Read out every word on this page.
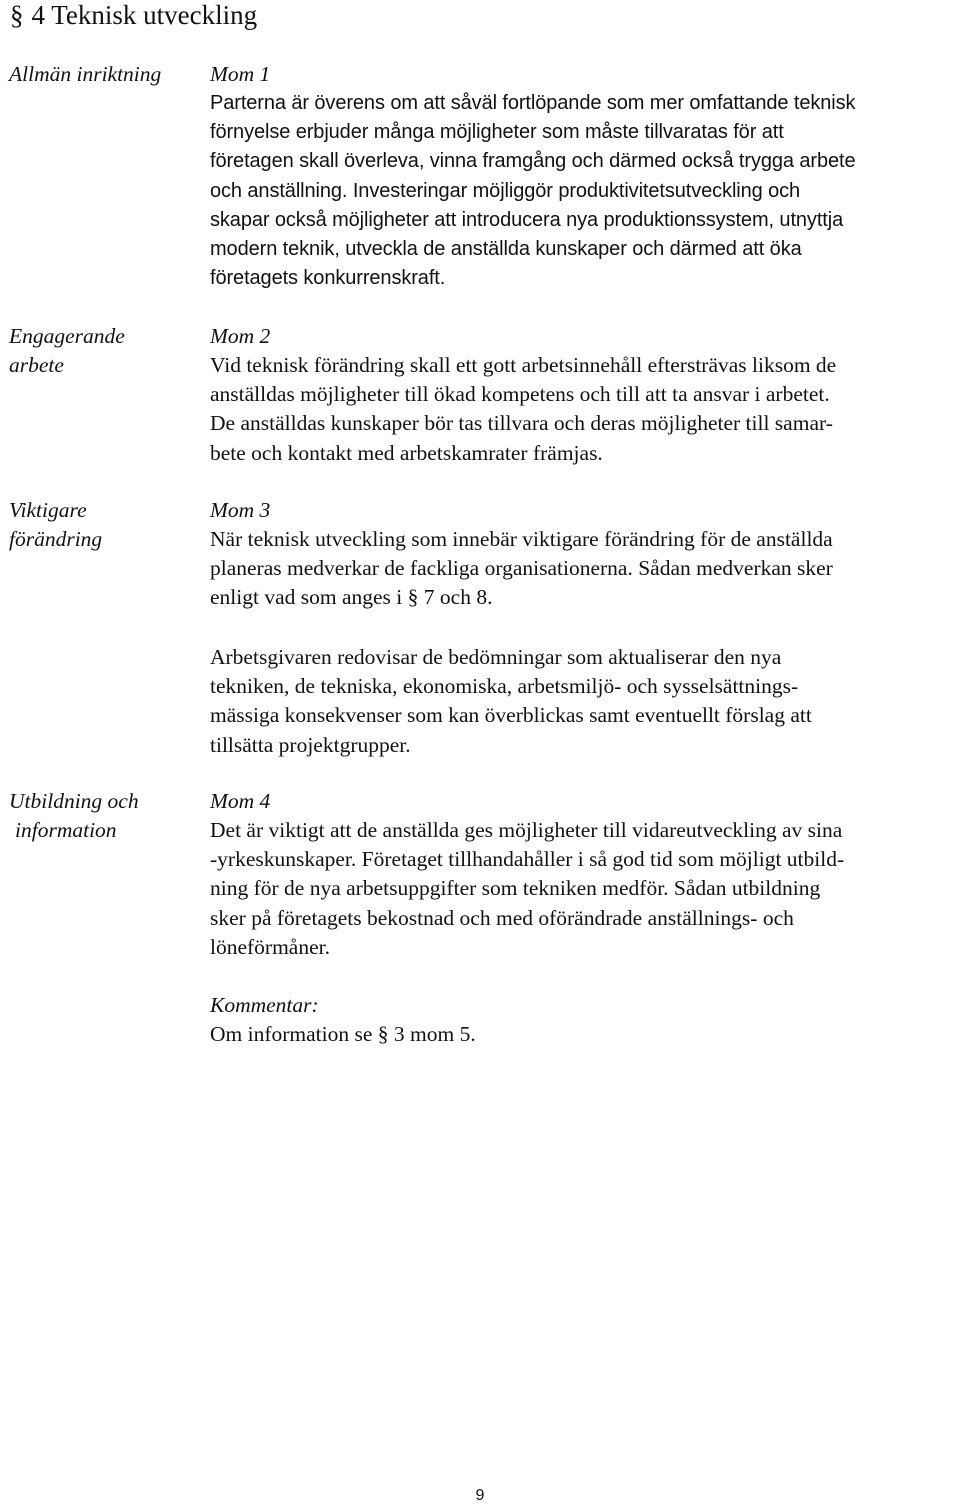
§ 4 Teknisk utveckling
Allmän inriktning	Mom 1
Parterna är överens om att såväl fortlöpande som mer omfattande teknisk
förnyelse erbjuder många möjligheter som måste tillvaratas för att
företagen skall överleva, vinna framgång och därmed också trygga arbete
och anställning. Investeringar möjliggör produktivitetsutveckling och
skapar också möjligheter att introducera nya produktionssystem, utnyttja
modern teknik, utveckla de anställda kunskaper och därmed att öka
företagets konkurrenskraft.
Engagerande
arbete
Mom 2
Vid teknisk förändring skall ett gott arbetsinnehåll eftersträvas liksom de
anställdas möjligheter till ökad kompetens och till att ta ansvar i arbetet.
De anställdas kunskaper bör tas tillvara och deras möjligheter till samar-
bete och kontakt med arbetskamrater främjas.
Viktigare
förändring
Mom 3
När teknisk utveckling som innebär viktigare förändring för de anställda
planeras medverkar de fackliga organisationerna. Sådan medverkan sker
enligt vad som anges i § 7 och 8.
Arbetsgivaren redovisar de bedömningar som aktualiserar den nya
tekniken, de tekniska, ekonomiska, arbetsmiljö- och sysselsättnings-
mässiga konsekvenser som kan överblickas samt eventuellt förslag att
tillsätta projektgrupper.
Utbildning och
information
Mom 4
Det är viktigt att de anställda ges möjligheter till vidareutveckling av sina
-yrkeskunskaper. Företaget tillhandahåller i så god tid som möjligt utbild-
ning för de nya arbetsuppgifter som tekniken medför. Sådan utbildning
sker på företagets bekostnad och med oförändrade anställnings- och
löneförmåner.
Kommentar:
Om information se § 3 mom 5.
9
